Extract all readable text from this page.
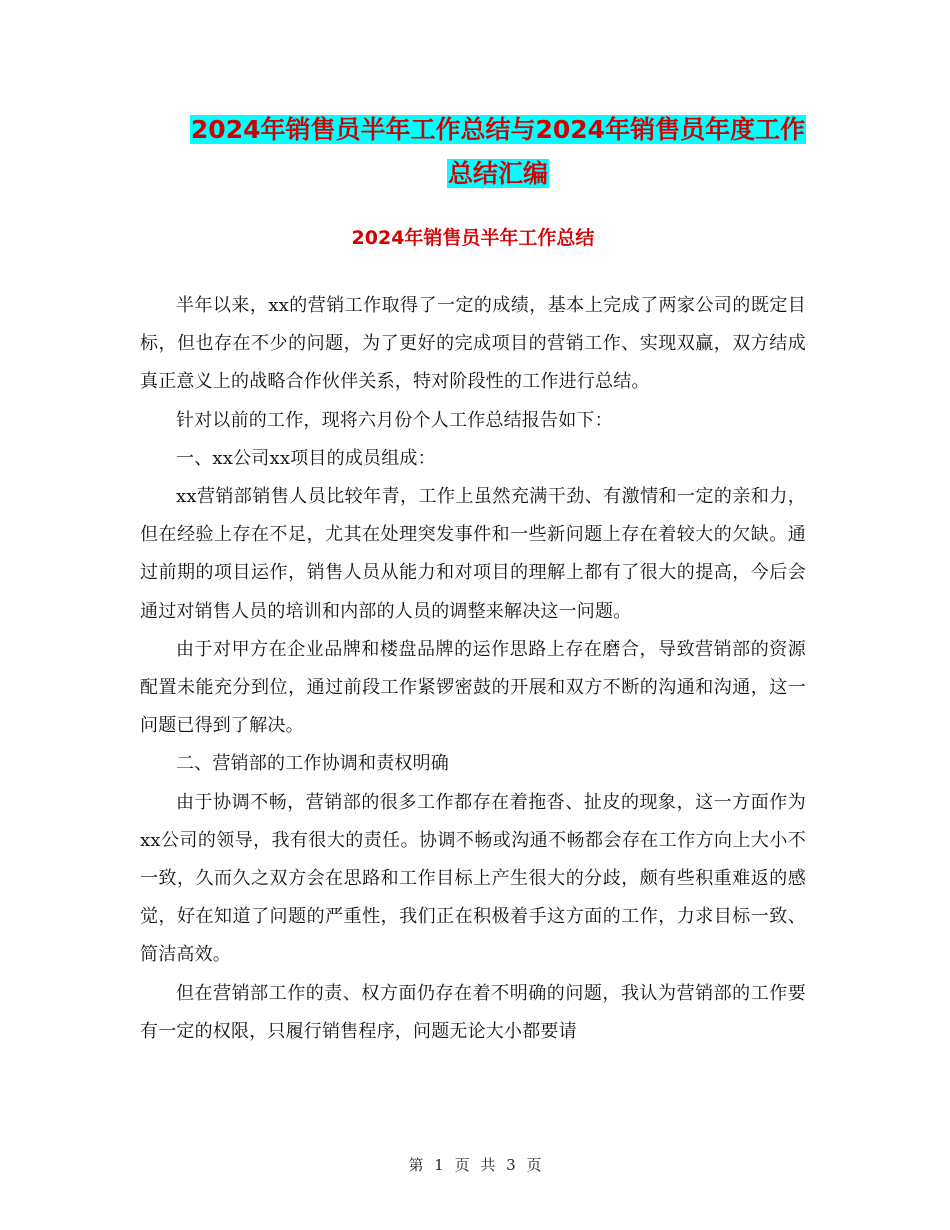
2024年销售员半年工作总结与2024年销售员年度工作
总结汇编
2024年销售员半年工作总结

半年以来，xx的营销工作取得了一定的成绩，基本上完成了两家公司的既定目标，但也存在不少的问题，为了更好的完成项目的营销工作、实现双赢，双方结成真正意义上的战略合作伙伴关系，特对阶段性的工作进行总结。

针对以前的工作，现将六月份个人工作总结报告如下：

一、xx公司xx项目的成员组成：

xx营销部销售人员比较年青，工作上虽然充满干劲、有激情和一定的亲和力，但在经验上存在不足，尤其在处理突发事件和一些新问题上存在着较大的欠缺。通过前期的项目运作，销售人员从能力和对项目的理解上都有了很大的提高，今后会通过对销售人员的培训和内部的人员的调整来解决这一问题。

由于对甲方在企业品牌和楼盘品牌的运作思路上存在磨合，导致营销部的资源配置未能充分到位，通过前段工作紧锣密鼓的开展和双方不断的沟通和沟通，这一问题已得到了解决。

二、营销部的工作协调和责权明确

由于协调不畅，营销部的很多工作都存在着拖沓、扯皮的现象，这一方面作为xx公司的领导，我有很大的责任。协调不畅或沟通不畅都会存在工作方向上大小不一致，久而久之双方会在思路和工作目标上产生很大的分歧，颇有些积重难返的感觉，好在知道了问题的严重性，我们正在积极着手这方面的工作，力求目标一致、简洁高效。

但在营销部工作的责、权方面仍存在着不明确的问题，我认为营销部的工作要有一定的权限，只履行销售程序，问题无论大小都要请

第 1 页 共 3 页
